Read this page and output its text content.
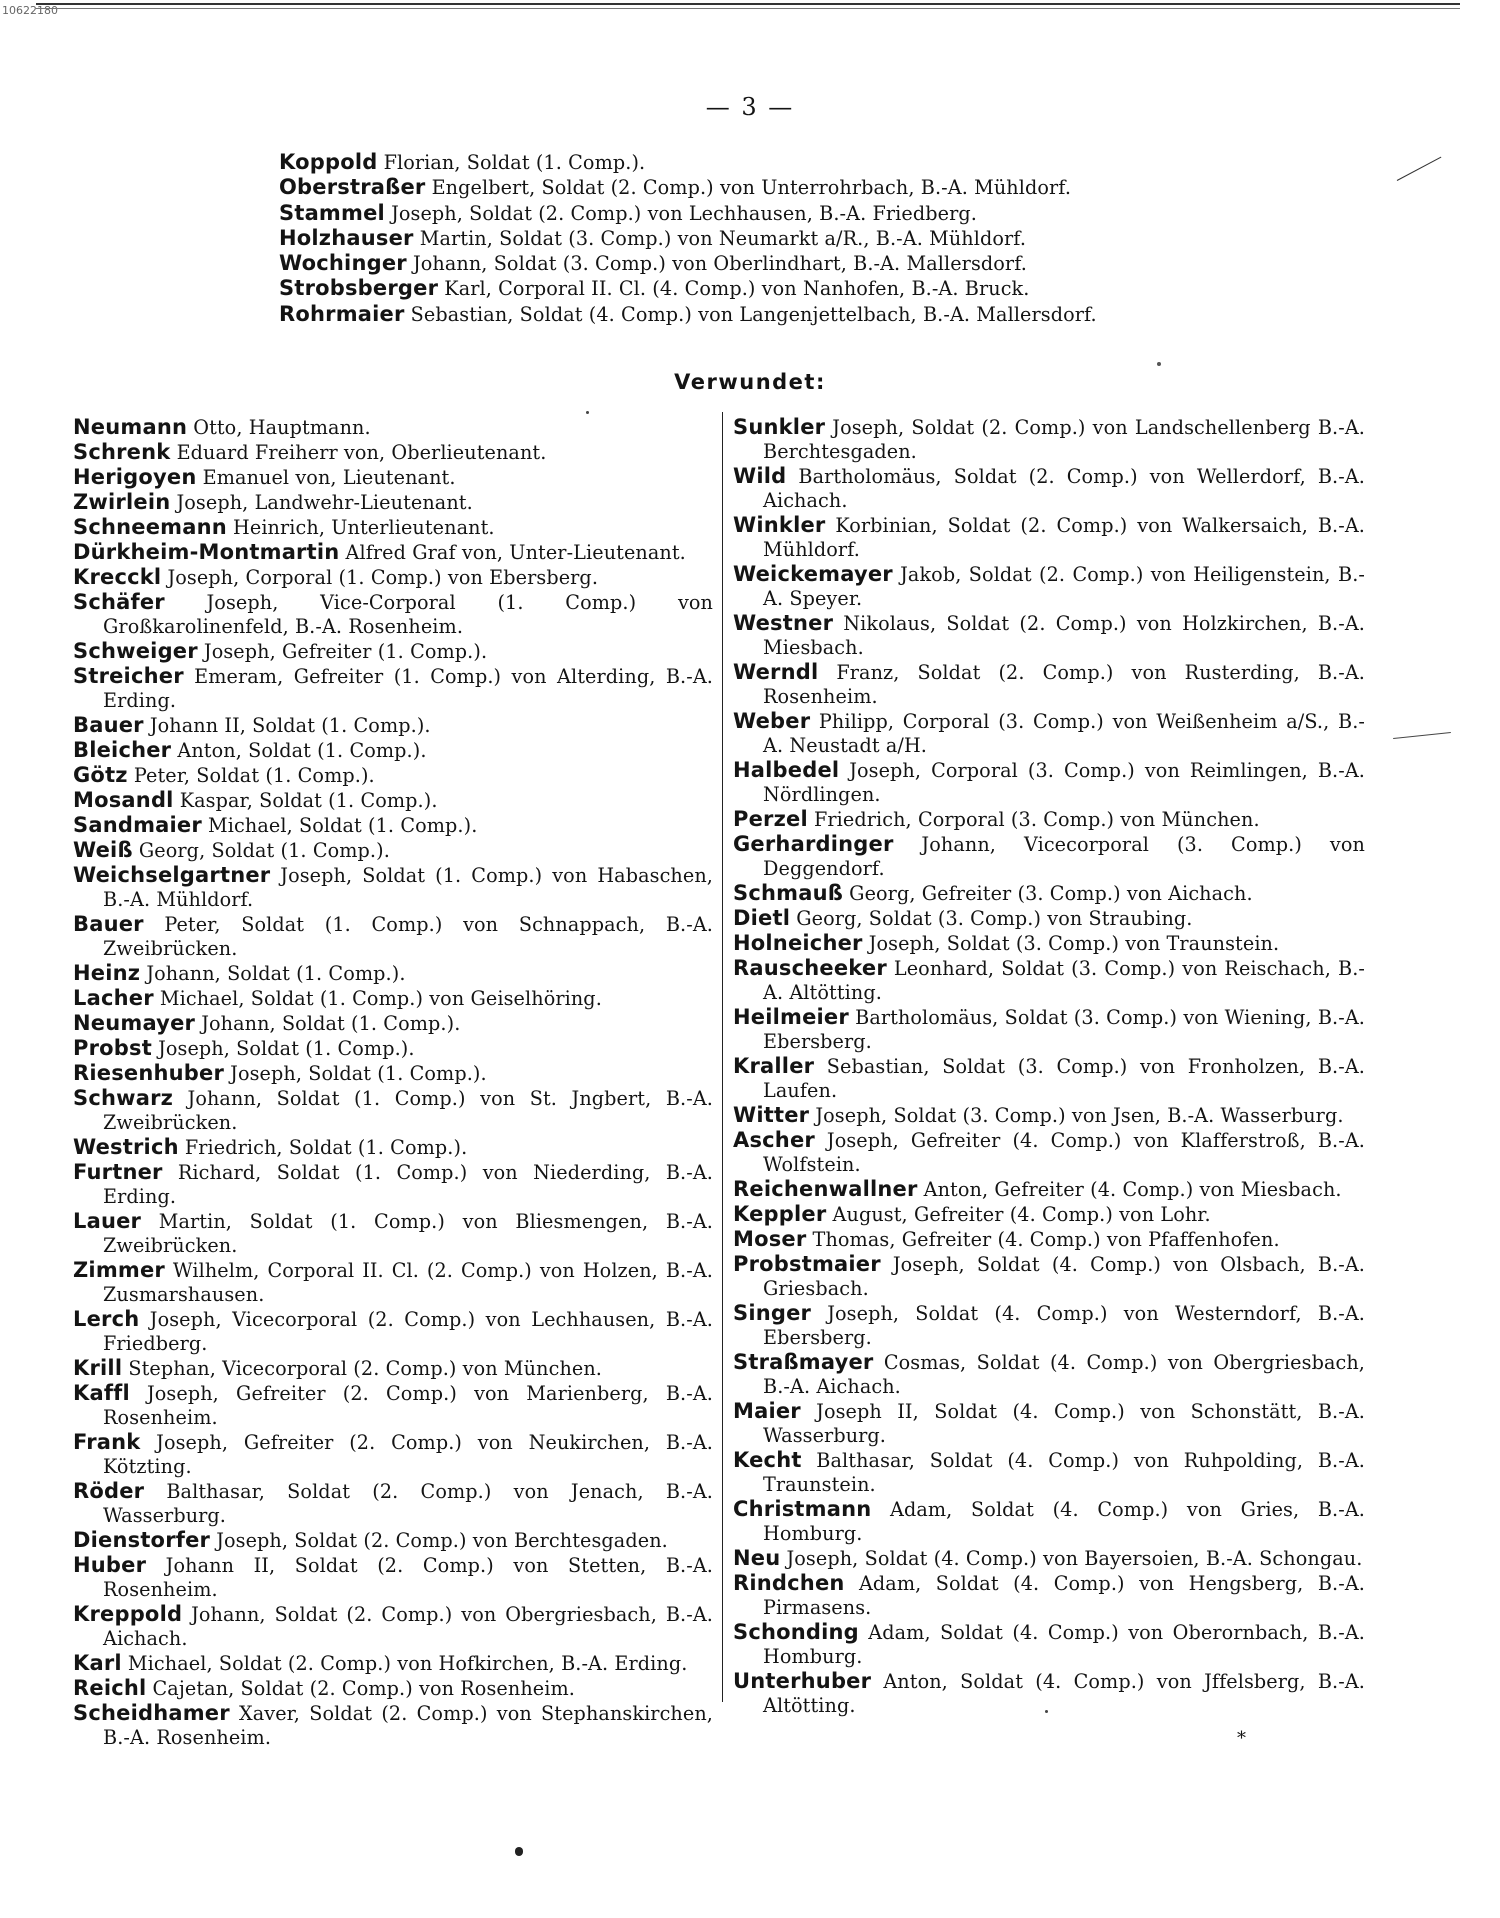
10622180
— 3 —

Koppold Florian, Soldat (1. Comp.).

Oberstraßer Engelbert, Soldat (2. Comp.) von Unterrohrbach, B.-A. Mühldorf.

Stammel Joseph, Soldat (2. Comp.) von Lechhausen, B.-A. Friedberg.

Holzhauser Martin, Soldat (3. Comp.) von Neumarkt a/R., B.-A. Mühldorf.

Wochinger Johann, Soldat (3. Comp.) von Oberlindhart, B.-A. Mallersdorf.

Strobsberger Karl, Corporal II. Cl. (4. Comp.) von Nanhofen, B.-A. Bruck.

Rohrmaier Sebastian, Soldat (4. Comp.) von Langenjettelbach, B.-A. Mallersdorf.

Verwundet:

Neumann Otto, Hauptmann.

Schrenk Eduard Freiherr von, Oberlieutenant.

Herigoyen Emanuel von, Lieutenant.

Zwirlein Joseph, Landwehr-Lieutenant.

Schneemann Heinrich, Unterlieutenant.

Dürkheim-Montmartin Alfred Graf von, Unter-Lieutenant.

Krecckl Joseph, Corporal (1. Comp.) von Ebersberg.

Schäfer Joseph, Vice-Corporal (1. Comp.) von Großkarolinenfeld, B.-A. Rosenheim.

Schweiger Joseph, Gefreiter (1. Comp.).

Streicher Emeram, Gefreiter (1. Comp.) von Alterding, B.-A. Erding.

Bauer Johann II, Soldat (1. Comp.).

Bleicher Anton, Soldat (1. Comp.).

Götz Peter, Soldat (1. Comp.).

Mosandl Kaspar, Soldat (1. Comp.).

Sandmaier Michael, Soldat (1. Comp.).

Weiß Georg, Soldat (1. Comp.).

Weichselgartner Joseph, Soldat (1. Comp.) von Habaschen, B.-A. Mühldorf.

Bauer Peter, Soldat (1. Comp.) von Schnappach, B.-A. Zweibrücken.

Heinz Johann, Soldat (1. Comp.).

Lacher Michael, Soldat (1. Comp.) von Geiselhöring.

Neumayer Johann, Soldat (1. Comp.).

Probst Joseph, Soldat (1. Comp.).

Riesenhuber Joseph, Soldat (1. Comp.).

Schwarz Johann, Soldat (1. Comp.) von St. Jngbert, B.-A. Zweibrücken.

Westrich Friedrich, Soldat (1. Comp.).

Furtner Richard, Soldat (1. Comp.) von Niederding, B.-A. Erding.

Lauer Martin, Soldat (1. Comp.) von Bliesmengen, B.-A. Zweibrücken.

Zimmer Wilhelm, Corporal II. Cl. (2. Comp.) von Holzen, B.-A. Zusmarshausen.

Lerch Joseph, Vicecorporal (2. Comp.) von Lechhausen, B.-A. Friedberg.

Krill Stephan, Vicecorporal (2. Comp.) von München.

Kaffl Joseph, Gefreiter (2. Comp.) von Marienberg, B.-A. Rosenheim.

Frank Joseph, Gefreiter (2. Comp.) von Neukirchen, B.-A. Kötzting.

Röder Balthasar, Soldat (2. Comp.) von Jenach, B.-A. Wasserburg.

Dienstorfer Joseph, Soldat (2. Comp.) von Berchtesgaden.

Huber Johann II, Soldat (2. Comp.) von Stetten, B.-A. Rosenheim.

Kreppold Johann, Soldat (2. Comp.) von Obergriesbach, B.-A. Aichach.

Karl Michael, Soldat (2. Comp.) von Hofkirchen, B.-A. Erding.

Reichl Cajetan, Soldat (2. Comp.) von Rosenheim.

Scheidhamer Xaver, Soldat (2. Comp.) von Stephanskirchen, B.-A. Rosenheim.

Sunkler Joseph, Soldat (2. Comp.) von Landschellenberg B.-A. Berchtesgaden.

Wild Bartholomäus, Soldat (2. Comp.) von Wellerdorf, B.-A. Aichach.

Winkler Korbinian, Soldat (2. Comp.) von Walkersaich, B.-A. Mühldorf.

Weickemayer Jakob, Soldat (2. Comp.) von Heiligenstein, B.-A. Speyer.

Westner Nikolaus, Soldat (2. Comp.) von Holzkirchen, B.-A. Miesbach.

Werndl Franz, Soldat (2. Comp.) von Rusterding, B.-A. Rosenheim.

Weber Philipp, Corporal (3. Comp.) von Weißenheim a/S., B.-A. Neustadt a/H.

Halbedel Joseph, Corporal (3. Comp.) von Reimlingen, B.-A. Nördlingen.

Perzel Friedrich, Corporal (3. Comp.) von München.

Gerhardinger Johann, Vicecorporal (3. Comp.) von Deggendorf.

Schmauß Georg, Gefreiter (3. Comp.) von Aichach.

Dietl Georg, Soldat (3. Comp.) von Straubing.

Holneicher Joseph, Soldat (3. Comp.) von Traunstein.

Rauscheeker Leonhard, Soldat (3. Comp.) von Reischach, B.-A. Altötting.

Heilmeier Bartholomäus, Soldat (3. Comp.) von Wiening, B.-A. Ebersberg.

Kraller Sebastian, Soldat (3. Comp.) von Fronholzen, B.-A. Laufen.

Witter Joseph, Soldat (3. Comp.) von Jsen, B.-A. Wasserburg.

Ascher Joseph, Gefreiter (4. Comp.) von Klafferstroß, B.-A. Wolfstein.

Reichenwallner Anton, Gefreiter (4. Comp.) von Miesbach.

Keppler August, Gefreiter (4. Comp.) von Lohr.

Moser Thomas, Gefreiter (4. Comp.) von Pfaffenhofen.

Probstmaier Joseph, Soldat (4. Comp.) von Olsbach, B.-A. Griesbach.

Singer Joseph, Soldat (4. Comp.) von Westerndorf, B.-A. Ebersberg.

Straßmayer Cosmas, Soldat (4. Comp.) von Obergriesbach, B.-A. Aichach.

Maier Joseph II, Soldat (4. Comp.) von Schonstätt, B.-A. Wasserburg.

Kecht Balthasar, Soldat (4. Comp.) von Ruhpolding, B.-A. Traunstein.

Christmann Adam, Soldat (4. Comp.) von Gries, B.-A. Homburg.

Neu Joseph, Soldat (4. Comp.) von Bayersoien, B.-A. Schongau.

Rindchen Adam, Soldat (4. Comp.) von Hengsberg, B.-A. Pirmasens.

Schonding Adam, Soldat (4. Comp.) von Oberornbach, B.-A. Homburg.

Unterhuber Anton, Soldat (4. Comp.) von Jffelsberg, B.-A. Altötting.

*
